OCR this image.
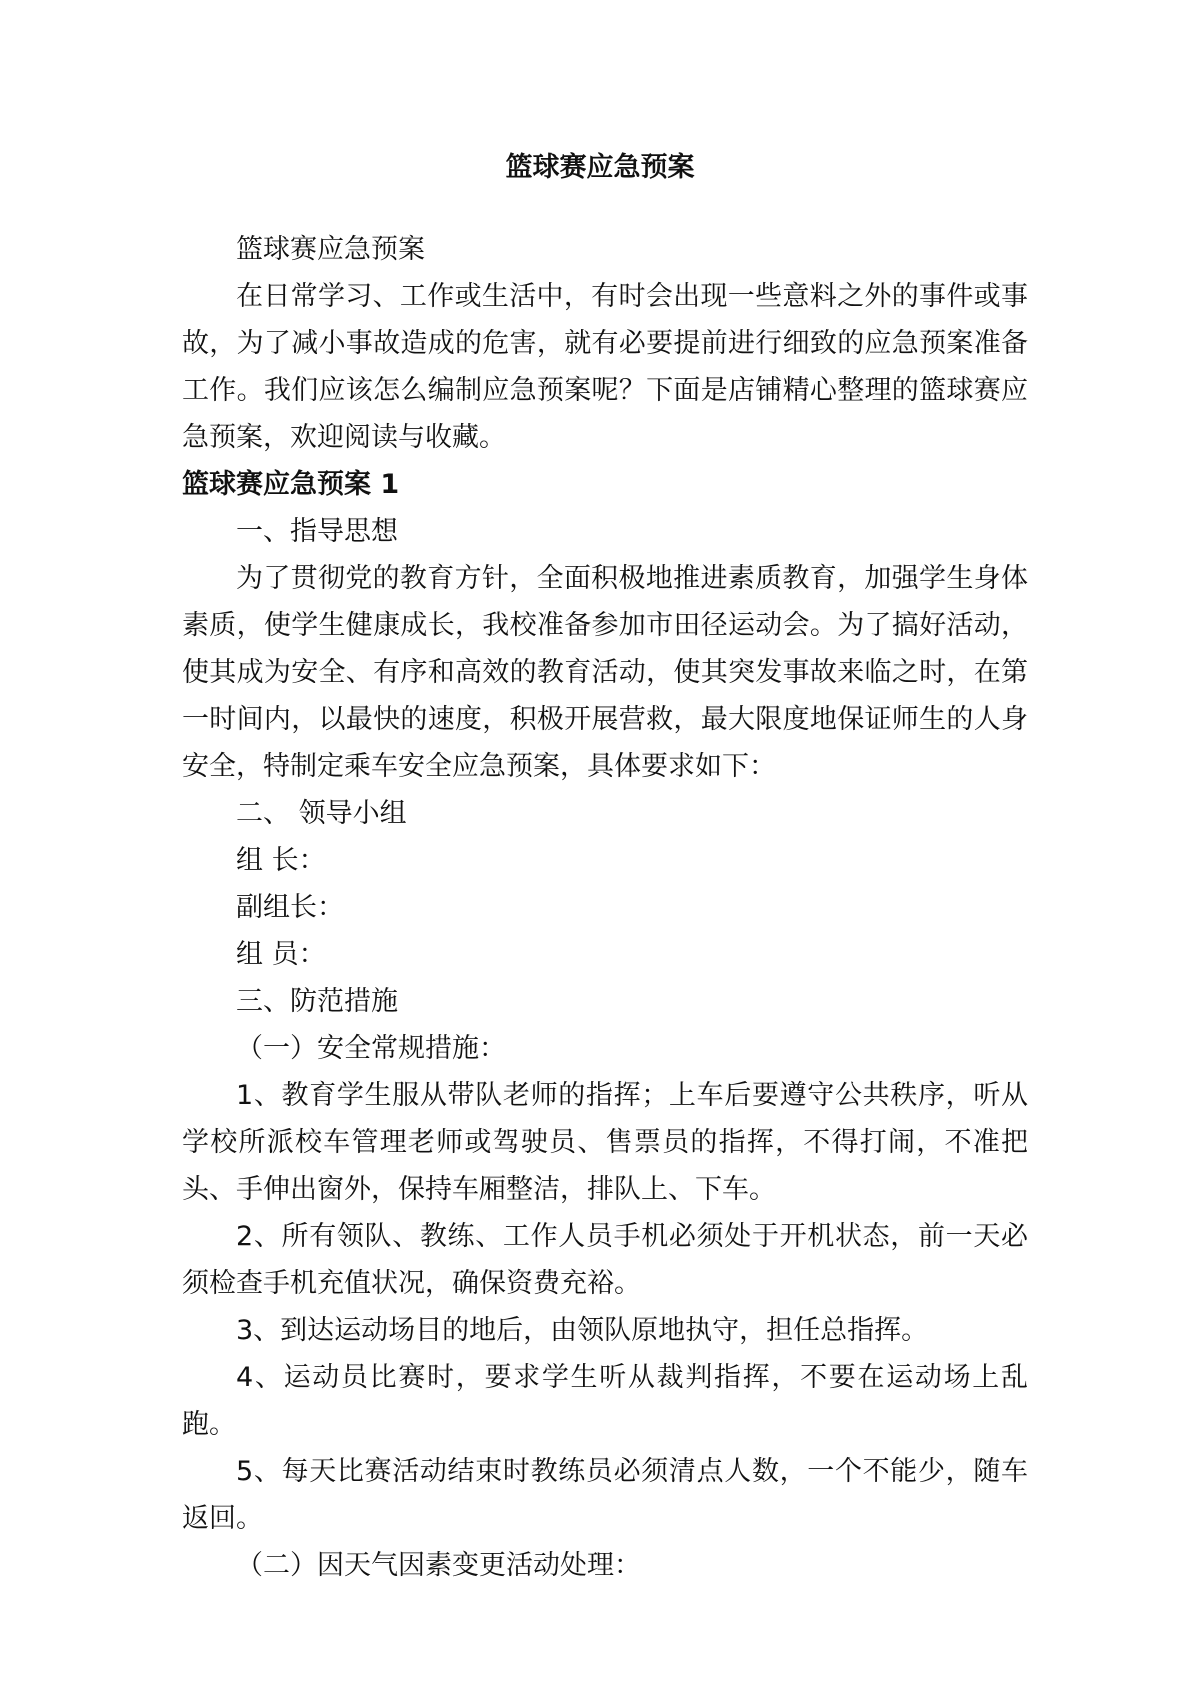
篮球赛应急预案

篮球赛应急预案

在日常学习、工作或生活中，有时会出现一些意料之外的事件或事故，为了减小事故造成的危害，就有必要提前进行细致的应急预案准备工作。我们应该怎么编制应急预案呢？下面是店铺精心整理的篮球赛应急预案，欢迎阅读与收藏。

篮球赛应急预案 1

一、指导思想

为了贯彻党的教育方针，全面积极地推进素质教育，加强学生身体素质，使学生健康成长，我校准备参加市田径运动会。为了搞好活动，使其成为安全、有序和高效的教育活动，使其突发事故来临之时，在第一时间内，以最快的速度，积极开展营救，最大限度地保证师生的人身安全，特制定乘车安全应急预案，具体要求如下：

二、 领导小组

组 长：

副组长：

组 员：

三、防范措施

（一）安全常规措施：

1、教育学生服从带队老师的指挥；上车后要遵守公共秩序，听从学校所派校车管理老师或驾驶员、售票员的指挥，不得打闹，不准把头、手伸出窗外，保持车厢整洁，排队上、下车。

2、所有领队、教练、工作人员手机必须处于开机状态，前一天必须检查手机充值状况，确保资费充裕。

3、到达运动场目的地后，由领队原地执守，担任总指挥。

4、运动员比赛时，要求学生听从裁判指挥，不要在运动场上乱跑。

5、每天比赛活动结束时教练员必须清点人数，一个不能少，随车返回。

（二）因天气因素变更活动处理：
